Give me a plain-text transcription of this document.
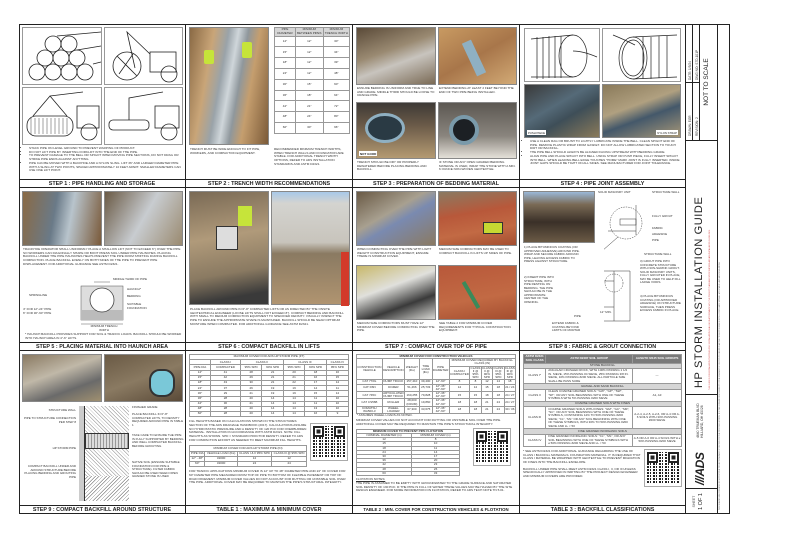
• STACK PIPE ON LEVEL GROUND TO PREVENT WARPING OF PRODUCT.
• DO NOT LIFT PIPE BY INSERTING FORKLIFT INTO THE END OF THE PIPE.
• TO PREVENT DAMAGE TO THE BELL OR SPIGOT WHEN MOVING PIPE SECTIONS, DO NOT DRAG OR STRIKE PIPE ENDS AGAINST ANYTHING.
• PIPE CAN BE MOVED WITH A BACKHOE AND A NYLON SLING. LIFT 36" AND LARGER DIAMETER PIPE WITH A SLING AT TWO POINTS, SPACED APPROXIMATELY 10 FEET APART. SMALLER DIAMETERS CAN USE ONE LIFT POINT.
STEP 1 : PIPE HANDLING AND STORAGE
PIPE DIAMETER	MINIMUM BETWEEN PIPES	MINIMUM TRENCH WIDTH
12"	12"	30"
15"	12"	34"
18"	12"	39"
24"	12"	48"
30"	15"	60"
36"	18"	64"
42"	21"	72"
48"	24"	80"
60"	30"	96"
TRENCH MUST BE WIDE ENOUGH TO FIT PIPE, WORKERS, AND COMPACTION EQUIPMENT.
RECOMMENDED MINIMUM TRENCH WIDTHS, WHEN TRENCH WALLS AND FOUNDATION ARE STABLE. FOR ADDITIONAL TRENCH WIDTH OPTIONS, REFER TO ADS INSTALLATION STANDARDS AND ASTM D2321.
STEP 2 : TRENCH WIDTH RECOMMENDATIONS
ENSURE BEDDING IS UNIFORM AND TRUE TO LINE AND GRADE. MIDDLE THIRD SHOULD BE LOOSE TO CRADLE PIPE.
EXTEND BEDDING AT LEAST 2 FEET BEYOND THE END OF TWO PIPE BEING INSTALLED.
NOT GOOD
TRENCH SHOULD BE DRY OR PROPERLY DEWATERED BEFORE PLACING BEDDING AND BACKFILL.
IF STONE OR ANY OPEN GRADED BEDDING MATERIAL IS USED, WRAP THE STONE WITH A MIN. 6 OUNCE NON-WOVEN GEOTEXTILE.
STEP 3 : PREPARATION OF BEDDING MATERIAL
PUSH PIECE	NYLON STRAP
• USE A CLEAN RAG OR BRUSH TO LIGHTLY LUBRICATE INSIDE THE BELL. CLEAN SPIGOT END OF PIPE. REMOVE PLASTIC WRAP FROM GASKET. DO NOT ALLOW LUBRICATED SECTION TO TOUCH DIRT OR BACKFILL.
• THE PIPE BELL SHOULD ALWAYS BE ALIGNED FACING UPSTREAM WITH BEDDING GRADE.
• ALIGN PIPE AND PLACE SPIGOT INTO BELL. USING STRAP OR PUSH PIECE, FULLY INSERT SPIGOT INTO BELL. WHEN LEADING BELL EDGE TOUCHES "HOME" MARK JOINT IS FULLY INSERTED. INSIDE JOINT GAPS SHOULD BE TIGHT ON ALL SIDES. SEE MANUFACTURER FOR JOINT TOLERANCE.
STEP 4 : PIPE JOINT ASSEMBLY
TRACKHOE OPERATOR SHALL UNIFORMLY PLACE A SHALLOW LIFT (NOT TO EXCEED 6") OVER THE PIPE SO WORKERS CAN DIAGONALLY SHAPE OR BOOT PRESS SOIL UNDER PIPE HAUNCHES. PLACING BACKFILL UNDER THE PIPE HAUNCHES HELPS PREVENT THE PIPE FROM SHIFTING DURING BACKFILL COMPACTION. PLACE BACKFILL EVENLY ON BOTH SIDES OF THE PIPE TO PREVENT PIPE DISPLACEMENT. FOR ADDITIONAL GUIDANCE SEE ASTM D2321.
SPRINGLINE
MIDDLE THIRD OF PIPE
HAUNCH*
BEDDING
SUITABLE FOUNDATION
4" FOR 12"-24" PIPE
6" FOR 30"-60" PIPE
MINIMUM TRENCH WIDTH
* HAUNCH BACKFILL PROVIDES SUPPORT FOR SOIL & TRAFFIC LOADS. BACKFILL SHOULD BE WORKED INTO HAUNCH AREA IN 4"-6" LIFTS.
STEP 5 : PLACING MATERIAL INTO HAUNCH AREA
PLACE BACKFILL AROUND PIPE IN 6"-8" COMPACTED LIFTS OR AS DIRECTED BY THE ONSITE GEOTECHNICAL ENGINEER (LOOSE LIFTS SHALL NOT EXCEED 8"). COMPACT BEDDING AND BACKFILL WITH SMALL TO MEDIUM COMPACTION EQUIPMENT TO SPECIFIED DENSITY. VISUALLY INSPECT THE PIPE TO ENSURE THE APPROPRIATE SHAPE IS MAINTAINED. BACKFILL SHOULD BE NEAR OPTIMUM MOISTURE WHEN COMPACTED. FOR ADDITIONAL GUIDANCE SEE ASTM D2321.
STEP 6 : COMPACT BACKFILL IN LIFTS
WHEN COMPACTING OVER THE PIPE WITH LIGHT WEIGHT CONSTRUCTION EQUIPMENT, ENSURE THERE IS MINIMUM COVER.
MEDIUM SIZE COMPACTORS MAY BE USED TO COMPACT BACKFILL IN LIFTS UP SIDES OF PIPE.
MEDIUM SIZE COMPACTORS MUST HAVE 12" MINIMUM COVER BEFORE COMPACTING OVER THE PIPE.
SEE TABLE 2 FOR MINIMUM COVER REQUIREMENTS FOR TYPICAL CONSTRUCTION EQUIPMENT.
STEP 7 : COMPACT OVER TOP OF PIPE
SOLID MASONRY UNIT	STRUCTURE WALL
FULLY GROUT
FABRIC
ADHESIVE
PIPE
STRUCTURE WALL
3) GROUT PIPE INTO CONCRETE STRUCTURE WITH NON-SHRINK GROUT. SOLID MASONRY UNITS, FULLY GROUTED IN PLACE, MAY BE USED TO HELP FILL LARGE VOIDS.
4) PLACE BITUMINOUS COATING (OR APPROVED ADHESIVE) ON STRUCTURE SURFACE, THEN PRESS EXCESS FABRIC IN PLACE.
12" MIN.
PIPE
EXTEND FABRIC & COATING BEYOND LIMITS OF MORTAR
1) PLACE BITUMINOUS COATING (OR APPROVED ADHESIVE) AROUND PIPE. WRAP AND SECURE FABRIC AROUND PIPE, LEAVING EXCESS FABRIC TO PRESS AGAINST STRUCTURE.
2) INSERT PIPE INTO STRUCTURE, WITH PIPE RESTING ON BEDDING. THE PIPE SHOULD BE IN THE APPROXIMATE CENTER OF THE OPENING.
STEP 8 : FABRIC & GROUT CONNECTION
FINISHED GRADE
STRUCTURE WALL
PIPE TO STRUCTURE CONNECTION PER STEP 8
HP STORM PIPE
COMPACT BACKFILL UNDER AND AROUND STRUCTURE BEFORE PLACING BEDDING AND GROUTING PIPE
PLACE BACKFILL IN 6"-8" COMPACTED LIFTS, TO DENSITY REQUIRED AROUND PIPE IN TABLE 1
TAKE CARE TO ENSURE THE PIPE IS FULLY SUPPORTED BY BEDDING AND WELL COMPACTED BACKFILL BEFORE GROUTING
NATIVE SOIL (ENSURE SUITABLE FOUNDATION FOR PIPE & STRUCTURE). FILTER FABRIC SHOULD BE USED WHEN OPEN GRADED STONE IS USED
STEP 9 : COMPACT BACKFILL AROUND STRUCTURE
MAXIMUM COVER FOR ADS HP STORM PIPE (FT)						
	CLASS I	CLASS II		CLASS III		CLASS IV
PIPE DIA	COMPACTED	95% SPD	90% SPD	95% SPD	90% SPD	95% SPD
12"	41	28	21	20	18	16
15"	42	29	21	21	16	15
18"	43	30	21	22	17	14
24"	37	26	19	19	14	11
30"	29	21	19	19	15	14
36"	28	20	14	14	11	10
42"	30	21	14	14	11	10
48"	28	20	14	14	13	10
60"	28	20	14	14	16	9
FILL HEIGHTS BASED ON CALCULATIONS SHOWN IN THE STRUCTURES SECTION OF THE ADS DRAINAGE HANDBOOK (2017). CALCULATIONS ASSUME NO HYDROSTATIC PRESSURE AND A DENSITY OF 120 PCF FOR OVERBURDEN MATERIAL. INSTALLATION IN ACCORDANCE WITH ASTM D2321. NOTE: FILL HEIGHTS AS SHOWN. SPD = STANDARD PROCTOR DENSITY. REFER TO ADS FOR COMPACTION EFFORT AS NEEDED TO MEET MAXIMUM FILL HEIGHTS.
MINIMUM COVER FOR ADS HP STORM PIPE (IN)			
PIPE DIA	VEHICLE LOAD (lbs)	CLASS I & II 95% SPD	CLASS III @ 95% SPD
12" - 48"	32000	12	12
60"	32000	24	24
FOR TRAFFIC APPLICATIONS MINIMUM COVER IS 12" UP TO 48" DIAMETER PIPE AND 24" OF COVER FOR 60" DIAMETER PIPE MEASURED FROM TOP OF PIPE TO BOTTOM OF FLEXIBLE PAVEMENT OR TOP OF RIGID PAVEMENT. MINIMUM COVER VALUES DO NOT ACCOUNT FOR RUTTING OR UNSTABLE SOIL OVER THE PIPE. ADDITIONAL COVER MAY BE REQUIRED TO MAINTAIN THE PIPE'S STRUCTURAL INTEGRITY.
TABLE 1 : MAXIMUM & MINIMUM COVER
MINIMUM COVER FOR CONSTRUCTION VEHICLES									
CONSTRUCTION VEHICLE	VEHICLE DESCRIPTION	WEIGHT (lbs)	TIRE LOAD (lbs)	PIPE DIAMETER	MINIMUM COVER REQUIRED BY BACKFILL CLASS (IN)				
					CLASS I COMPACTED	CLASS II @ 95% SPD	CLASS II @ 90% SPD	CLASS III @ 95% SPD	CLASS III @ 90% SPD
CAT 770G	DUMP TRUCK	157,410	39,400	12"-60"	8	8	12	14	18
CAT D6N	DOZER	51,466	25,733	12"-36"
42"-60"	12	12	15	18	21 / 24
CAT 745C	ARTICULATED DUMP TRUCK	160,255	79,828	12"-36"
42"-60"	15	15	18	18	24 / 27
CAT CS56B	ROLLER	28,000 (DRUM)	19,860	12"-36"
42"-60"	18	18	21	24	24 / 27
KOMATSU WA500-3	WHEEL LOADER	67,300	33,675	12"-36"
42"-60"	18	18	21	24	30 / 36
* ASSUMES WHEEL LOADS AS NOTED.									
MINIMUM COVER VALUES DO NOT ACCOUNT FOR RUTTING OR UNSTABLE SOIL OVER THE PIPE. ADDITIONAL COVER MAY BE REQUIRED TO MAINTAIN THE PIPE'S STRUCTURAL INTEGRITY.
MINIMUM COVER TO PREVENT PIPE FLOTATION	
NOMINAL DIAMETER (in)	MINIMUM COVER (in)
12	8
15	10
18	11
24	14
30	17
36	20
42	23
48	26
60	33
FLOTATION NOTES:
THE PIPE IS ASSUMED TO BE EMPTY WITH GROUNDWATER TO THE GRADE SURFACE AND SATURATED SOIL DENSITY OF 130 PCF. IF THE PIPE IS FULL OF WATER THESE VALUES MAY BE HALVED BY THE SITE DESIGN ENGINEER. FOR MORE INFORMATION ON FLOTATION, REFER TO ADS TECH NOTE TN 5.01.
TABLE 2 : MIN. COVER FOR CONSTRUCTION VEHICLES & FLOTATION
ASTM D2321 SOIL CLASS	ASTM D2487 SOIL GROUP	AASHTO M145 SOIL GROUPS
STONE BACKFILL		
CLASS I*	ANGULAR CRUSHED ROCK, WITH 100% PASSING 1 1/2 IN. SIEVE, 15% PASSING #4 SIEVE, 25% PASSING 3/8 IN. SIEVE, 10% PASSING #200 SIEVE. ALL PARTICLE SIZE SHALL BE PASS SURE	---
GRAVEL AND SAND BACKFILL		
CLASS II	CLEAN COARSE GRAINED SOILS: "GW", "GP", "SW", "SP", OR ANY SOIL BEGINNING WITH ONE OF THESE SYMBOLS WITH 5% PASSING #200 SIEVE	A1, A3
COARSE GRAINED SOILS WITH FINES		
CLASS III	COARSE GRAINED SOILS WITH FINES: "GM", "GC", "SM", "SC", OR ANY SOIL BEGINNING WITH ONE OF THESE SYMBOLS, CONTAINING 12% TO 50% PASSING #200 SIEVE; "CL", "ML" OR ANY SOIL BEGINNING WITH ONE OF THESE SYMBOLS, WITH 30% TO 50% PASSING #200 SIEVE AND LL < 50	A-2-4, A-2-5, A-2-6, OR A-4 OR A-6 SOILS WITH 30% PASSING #200 SIEVE
FINE GRAINED INORGANIC SOILS		
CLASS IV	FINE GRAINED INORGANIC SOILS: "CL", "ML", OR ANY SOIL BEGINNING WITH ONE OF THESE SYMBOLS WITH ≥ 50% PASSING #200 SIEVE AND LL < 50	A-5 OR A-6 OR A-4 SOILS WITH ≥ 50% PASSING #200 SIEVE
* SEE ASTM D2321 FOR ADDITIONAL GUIDANCE REGARDING THE USE OF CLASS I BACKFILL MATERIALS. FOUNDATION MATERIAL. IT IS REQUIRED THAT CLASS I MATERIAL BE WRAPPED WITH GEOTEXTILE TO PREVENT MIGRATION OF FINES INTO THE BACKFILL ENVELOPE.
BACKFILL UNDER PIPE SHALL MEET ASTM D2321 CLASS I, II, OR III UNLESS SPECIFICALLY APPROVED IN WRITING BY THE PROJECT DESIGN ENGINEER AND MINIMUM COVERS ARE PROVIDED.
TABLE 3 : BACKFILL CLASSIFICATIONS
SHEET 1 OF 1
///ADS
4640 TRUEMAN BLVD HILLIARD, OH 43026
HP STORM INSTALLATION GUIDE THIS GUIDE IS FOR INSTALLATION PURPOSES ONLY. INSTALLATION SHALL BE IN ACCORDANCE WITH THE PROJECT PLANS AND SPECIFICATIONS AND ADS INSTALLATION GUIDELINES.
DRAWN: EGR
DATE: 1/5/24
REVISION: 2
DWG NO: STD-101P NOT TO SCALE
THIS DRAWING WAS PREPARED TO SUPPORT THE PROJECT ENGINEER OF RECORD FOR THE PROPOSED SYSTEM. IT IS THE ULTIMATE RESPONSIBILITY OF THE ENGINEER OF RECORD TO ENSURE THAT THE PRODUCT DESIGN IS IN FULL COMPLIANCE WITH ALL APPLICABLE LAWS AND REGULATIONS.
